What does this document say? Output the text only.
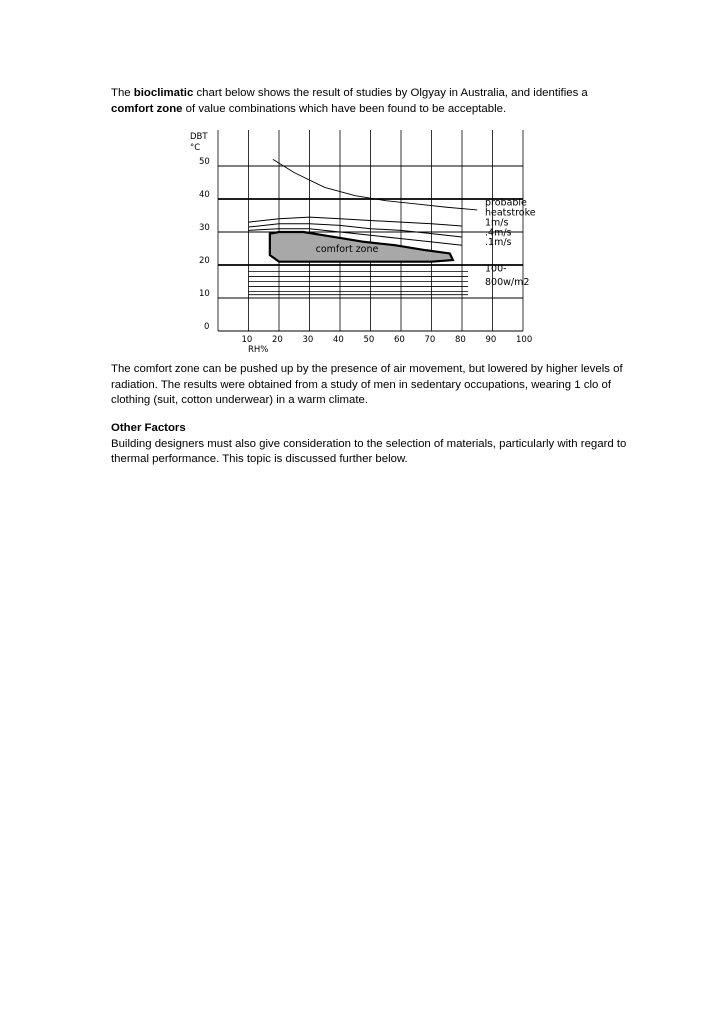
The bioclimatic chart below shows the result of studies by Olgyay in Australia, and identifies a comfort zone of value combinations which have been found to be acceptable.
DBT
°C
RH%
10 20 30 40 50 60 70 80 90 100
50
40
30
20
10
0
comfort zone
probable
heatstroke
1m/s
.4m/s
.1m/s
100-
800w/m2
The comfort zone can be pushed up by the presence of air movement, but lowered by higher levels of radiation. The results were obtained from a study of men in sedentary occupations, wearing 1 clo of clothing (suit, cotton underwear) in a warm climate.
Other Factors
Building designers must also give consideration to the selection of materials, particularly with regard to thermal performance. This topic is discussed further below.
